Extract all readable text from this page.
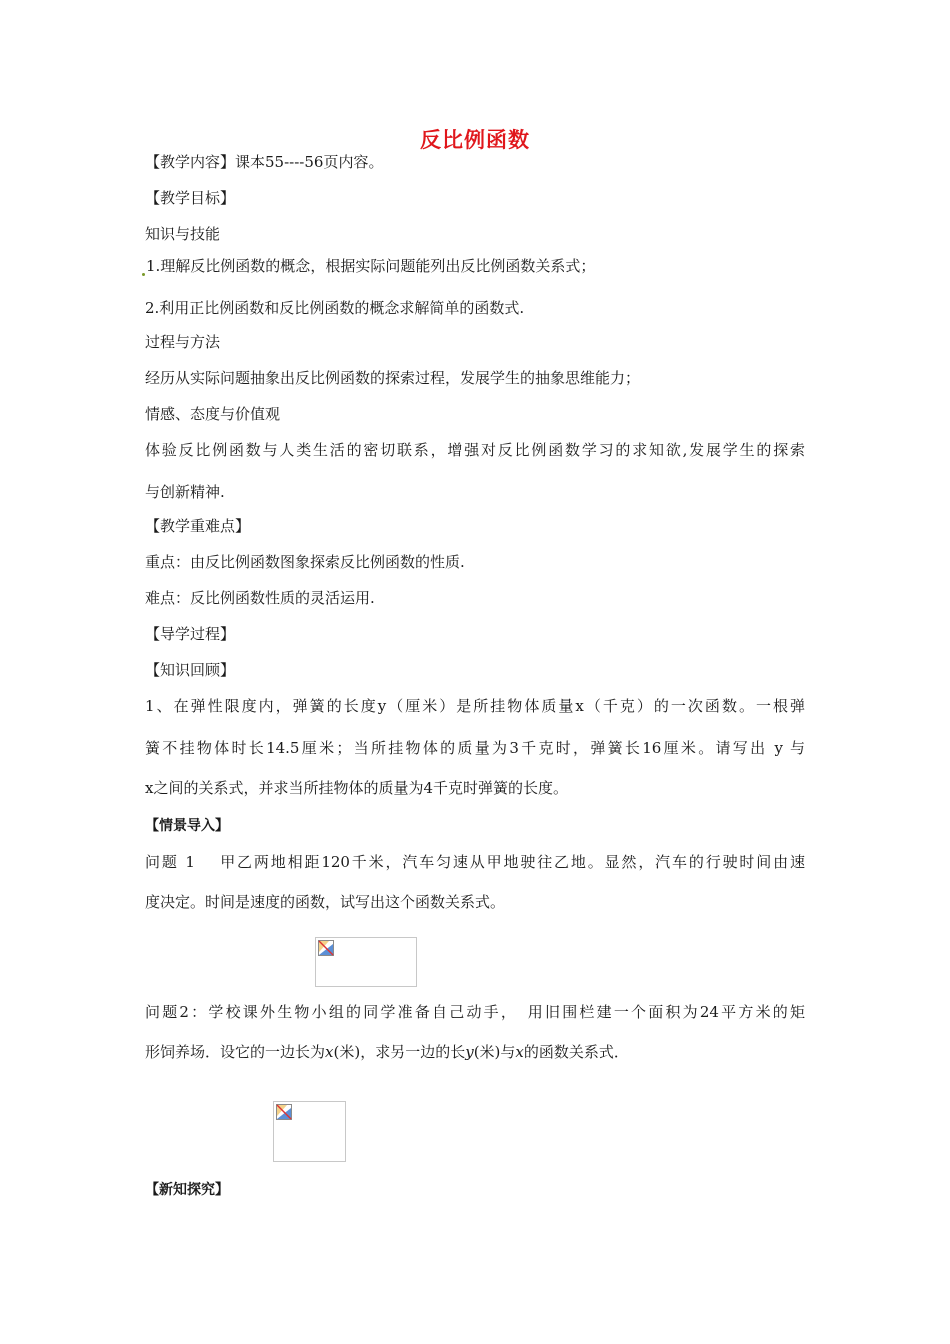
反比例函数
【教学内容】课本55----56页内容。
【教学目标】
知识与技能
1.理解反比例函数的概念，根据实际问题能列出反比例函数关系式；
2.利用正比例函数和反比例函数的概念求解简单的函数式.
过程与方法
经历从实际问题抽象出反比例函数的探索过程，发展学生的抽象思维能力；
情感、态度与价值观
体验反比例函数与人类生活的密切联系，增强对反比例函数学习的求知欲,发展学生的探索
与创新精神.
【教学重难点】
重点：由反比例函数图象探索反比例函数的性质.
难点：反比例函数性质的灵活运用.
【导学过程】
【知识回顾】
1、在弹性限度内，弹簧的长度y（厘米）是所挂物体质量x（千克）的一次函数。一根弹
簧不挂物体时长14.5厘米；当所挂物体的质量为3千克时，弹簧长16厘米。请写出 y 与
x之间的关系式，并求当所挂物体的质量为4千克时弹簧的长度。
【情景导入】
问题 1　 甲乙两地相距120千米，汽车匀速从甲地驶往乙地。显然，汽车的行驶时间由速
度决定。时间是速度的函数，试写出这个函数关系式。
问题2：学校课外生物小组的同学准备自己动手，　用旧围栏建一个面积为24平方米的矩
形饲养场．设它的一边长为x(米)，求另一边的长y(米)与x的函数关系式．
【新知探究】
